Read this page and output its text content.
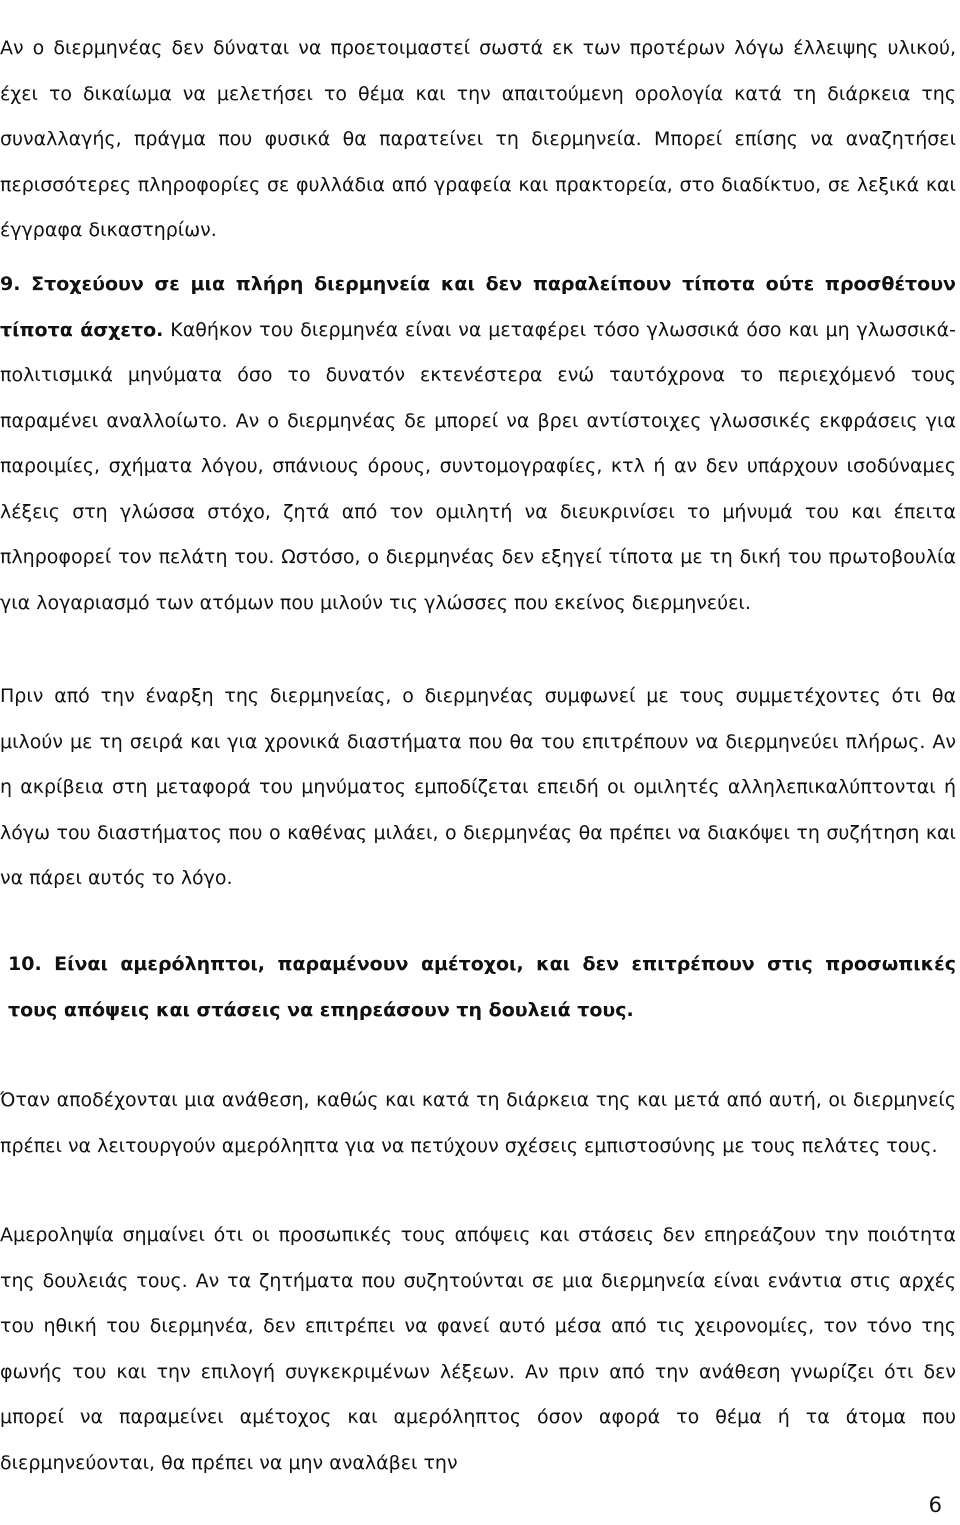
Αν ο διερμηνέας δεν δύναται να προετοιμαστεί σωστά εκ των προτέρων λόγω έλλειψης υλικού, έχει το δικαίωμα να μελετήσει το θέμα και την απαιτούμενη ορολογία κατά τη διάρκεια της συναλλαγής, πράγμα που φυσικά θα παρατείνει τη διερμηνεία. Μπορεί επίσης να αναζητήσει περισσότερες πληροφορίες σε φυλλάδια από γραφεία και πρακτορεία, στο διαδίκτυο, σε λεξικά και έγγραφα δικαστηρίων.

9. Στοχεύουν σε μια πλήρη διερμηνεία και δεν παραλείπουν τίποτα ούτε προσθέτουν τίποτα άσχετο. Καθήκον του διερμηνέα είναι να μεταφέρει τόσο γλωσσικά όσο και μη γλωσσικά-πολιτισμικά μηνύματα όσο το δυνατόν εκτενέστερα ενώ ταυτόχρονα το περιεχόμενό τους παραμένει αναλλοίωτο. Αν ο διερμηνέας δε μπορεί να βρει αντίστοιχες γλωσσικές εκφράσεις για παροιμίες, σχήματα λόγου, σπάνιους όρους, συντομογραφίες, κτλ ή αν δεν υπάρχουν ισοδύναμες λέξεις στη γλώσσα στόχο, ζητά από τον ομιλητή να διευκρινίσει το μήνυμά του και έπειτα πληροφορεί τον πελάτη του. Ωστόσο, ο διερμηνέας δεν εξηγεί τίποτα με τη δική του πρωτοβουλία για λογαριασμό των ατόμων που μιλούν τις γλώσσες που εκείνος διερμηνεύει.

Πριν από την έναρξη της διερμηνείας, ο διερμηνέας συμφωνεί με τους συμμετέχοντες ότι θα μιλούν με τη σειρά και για χρονικά διαστήματα που θα του επιτρέπουν να διερμηνεύει πλήρως. Αν η ακρίβεια στη μεταφορά του μηνύματος εμποδίζεται επειδή οι ομιλητές αλληλεπικαλύπτονται ή λόγω του διαστήματος που ο καθένας μιλάει, ο διερμηνέας θα πρέπει να διακόψει τη συζήτηση και να πάρει αυτός το λόγο.

10. Είναι αμερόληπτοι, παραμένουν αμέτοχοι, και δεν επιτρέπουν στις προσωπικές τους απόψεις και στάσεις να επηρεάσουν τη δουλειά τους.

Όταν αποδέχονται μια ανάθεση, καθώς και κατά τη διάρκεια της και μετά από αυτή, οι διερμηνείς πρέπει να λειτουργούν αμερόληπτα για να πετύχουν σχέσεις εμπιστοσύνης με τους πελάτες τους.

Αμεροληψία σημαίνει ότι οι προσωπικές τους απόψεις και στάσεις δεν επηρεάζουν την ποιότητα της δουλειάς τους. Αν τα ζητήματα που συζητούνται σε μια διερμηνεία είναι ενάντια στις αρχές του ηθική του διερμηνέα, δεν επιτρέπει να φανεί αυτό μέσα από τις χειρονομίες, τον τόνο της φωνής του και την επιλογή συγκεκριμένων λέξεων. Αν πριν από την ανάθεση γνωρίζει ότι δεν μπορεί να παραμείνει αμέτοχος και αμερόληπτος όσον αφορά το θέμα ή τα άτομα που διερμηνεύονται, θα πρέπει να μην αναλάβει την

6
